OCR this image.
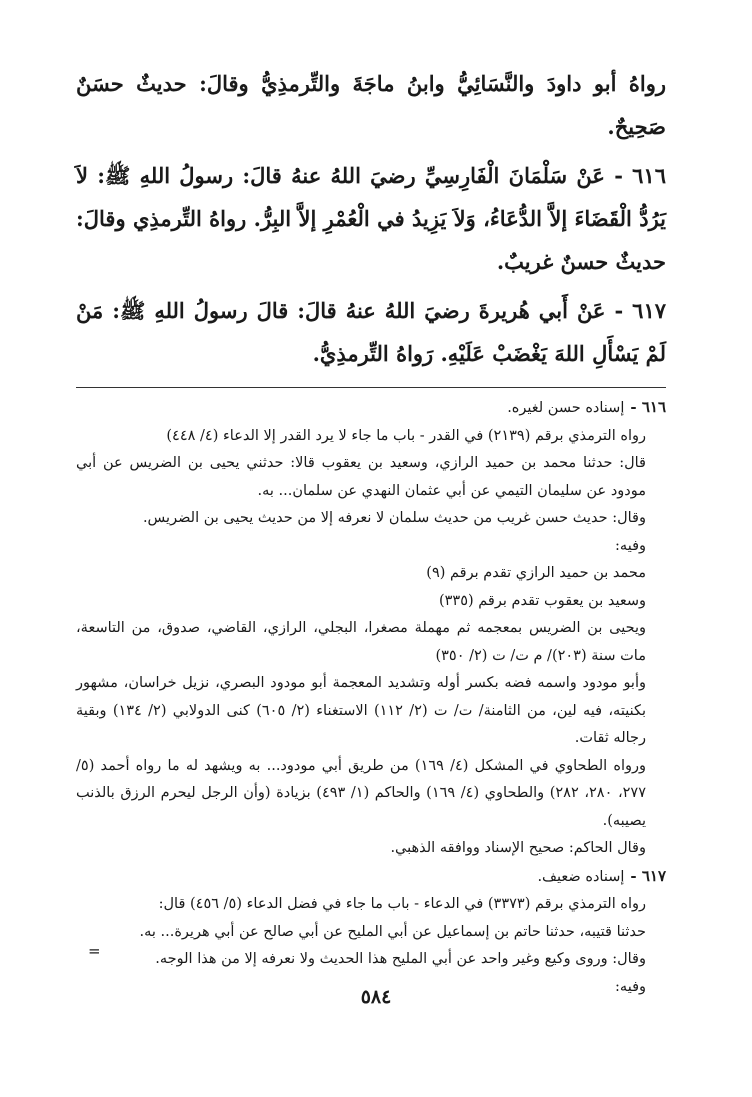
رواهُ أبو داودَ والنَّسَائِيُّ وابنُ ماجَةَ والتِّرمذِيُّ وقالَ: حديثٌ حسَنٌ صَحِيحٌ.

٦١٦ - عَنْ سَلْمَانَ الْفَارِسِيِّ رضيَ اللهُ عنهُ قالَ: رسولُ اللهِ ﷺ: لاَ يَرُدُّ الْقَضَاءَ إلاَّ الدُّعَاءُ، وَلاَ يَزِيدُ في الْعُمْرِ إلاَّ البِرُّ. رواهُ التِّرمذِي وقالَ: حديثٌ حسنٌ غريبٌ.

٦١٧ - عَنْ أَبي هُريرةَ رضيَ اللهُ عنهُ قالَ: قالَ رسولُ اللهِ ﷺ: مَنْ لَمْ يَسْأَلِ اللهَ يَغْضَبْ عَلَيْهِ. رَواهُ التِّرمذِيُّ.

٦١٦ -
إسناده حسن لغيره.

رواه الترمذي برقم (٢١٣٩) في القدر - باب ما جاء لا يرد القدر إلا الدعاء (٤/ ٤٤٨)

قال: حدثنا محمد بن حميد الرازي، وسعيد بن يعقوب قالا: حدثني يحيى بن الضريس عن أبي مودود عن سليمان التيمي عن أبي عثمان النهدي عن سلمان... به.

وقال: حديث حسن غريب من حديث سلمان لا نعرفه إلا من حديث يحيى بن الضريس.

وفيه:

محمد بن حميد الرازي تقدم برقم (٩)

وسعيد بن يعقوب تقدم برقم (٣٣٥)

ويحيى بن الضريس بمعجمه ثم مهملة مصغرا، البجلي، الرازي، القاضي، صدوق، من التاسعة، مات سنة (٢٠٣)/ م ت/ ت (٢/ ٣٥٠)

وأبو مودود واسمه فضه بكسر أوله وتشديد المعجمة أبو مودود البصري، نزيل خراسان، مشهور بكنيته، فيه لين، من الثامنة/ ت/ ت (٢/ ١١٢) الاستغناء (٢/ ٦٠٥) كنى الدولابي (٢/ ١٣٤) وبقية رجاله ثقات.

ورواه الطحاوي في المشكل (٤/ ١٦٩) من طريق أبي مودود... به ويشهد له ما رواه أحمد (٥/ ٢٧٧، ٢٨٠، ٢٨٢) والطحاوي (٤/ ١٦٩) والحاكم (١/ ٤٩٣) بزيادة (وأن الرجل ليحرم الرزق بالذنب يصيبه).

وقال الحاكم: صحيح الإسناد ووافقه الذهبي.

٦١٧ -
إسناده ضعيف.

رواه الترمذي برقم (٣٣٧٣) في الدعاء - باب ما جاء في فضل الدعاء (٥/ ٤٥٦) قال:

حدثنا قتيبه، حدثنا حاتم بن إسماعيل عن أبي المليح عن أبي صالح عن أبي هريرة... به.

وقال: وروى وكيع وغير واحد عن أبي المليح هذا الحديث ولا نعرفه إلا من هذا الوجه.

وفيه:

=
٥٨٤
